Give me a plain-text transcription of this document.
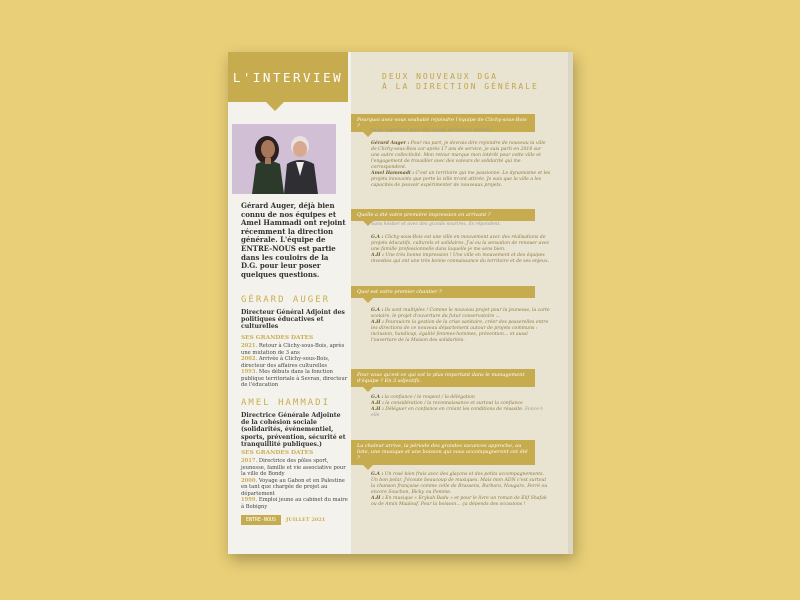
L'INTERVIEW	DEUX NOUVEAUX DGA
À LA DIRECTION GÉNÉRALE
Gérard Auger, déjà bien connu de nos équipes et Amel Hammadi ont rejoint récemment la direction générale. L'équipe de ENTRE-NOUS est partie dans les couloirs de la D.G. pour leur poser quelques questions.
GÉRARD AUGER
Directeur Général Adjoint des politiques éducatives et culturelles
SES GRANDES DATES
2021. Retour à Clichy-sous-Bois, après une mutation de 3 ans
2002. Arrivée à Clichy-sous-Bois, directeur des affaires culturelles
1993. Mes débuts dans la fonction publique territoriale à Sevran, directeur de l'éducation
AMEL HAMMADI
Directrice Générale Adjointe de la cohésion sociale (solidarités, événementiel, sports, prévention, sécurité et tranquillité publiques.)
SES GRANDES DATES
2017. Directrice des pôles sport, jeunesse, famille et vie associative pour la ville de Bondy
2000. Voyage au Gabon et en Palestine en tant que chargée de projet au département
1999. Emploi jeune au cabinet du maire à Bobigny
ENTRE-NOUS	JUILLET 2021
Pourquoi avez-vous souhaité rejoindre l'équipe de Clichy-sous-Bois ?
Ils se regardent pour voir lequel parlera en premier.
Gérard Auger : Pour ma part, je devrais dire rejoindre de nouveau la ville de Clichy-sous-Bois car après 17 ans de service, je suis parti en 2018 sur une autre collectivité. Mon retour marque mon intérêt pour cette ville et l'engagement de travailler avec des valeurs de solidarité qui me correspondent.
Amel Hammadi : C'est un territoire qui me passionne. Le dynamisme et les projets innovants que porte la ville m'ont attirée. Je suis que la ville a les capacités de pouvoir expérimenter de nouveaux projets.
Quelle a été votre première impression en arrivant ?
Sans hésiter et avec des grands sourires, ils répondent.
G.A : Clichy-sous-Bois est une ville en mouvement avec des réalisations de projets éducatifs, culturels et solidaires. J'ai eu la sensation de renouer avec une famille professionnelle dans laquelle je me sens bien.
A.H : Une très bonne impression ! Une ville en mouvement et des équipes investies qui ont une très bonne connaissance du territoire et de ses enjeux.
Quel est votre premier chantier ?
G.A : Ils sont multiples ! Comme le nouveau projet pour la jeunesse, la carte scolaire, le projet d'ouverture du futur conservatoire ...
A.H : Poursuivre la gestion de la crise sanitaire, créer des passerelles entre les directions de ce nouveau département autour de projets communs : inclusion, handicap, égalité femmes-hommes, prévention… et aussi l'ouverture de la Maison des solidarités.
Pour vous qu'est-ce qui est le plus important dans le management d'équipe ? En 3 adjectifs.
G.A : la confiance / le respect / la délégation
A.H : la considération / la reconnaissance et surtout la confiance
A.H : Déléguer en confiance en créant les conditions de réussite. Fonce-t-elle
La chaleur arrive, la période des grandes vacances approche, au liste, une musique et une boisson qui vous accompagneront cet été ?
G.A : Un rosé bien frais avec des glaçons et des petits accompagnements. Un bon polar. J'écoute beaucoup de musiques. Mais mon ADN c'est surtout la chanson française comme celle de Brassens, Barbara, Nougaro, Ferré ou encore Souchon, Bicky ou Pomme.
A.H : En musique « Erykah Badu » et pour le livre un roman de Elif Shafak ou de Amin Maalouf. Pour la boisson… ça dépends des occasions !
